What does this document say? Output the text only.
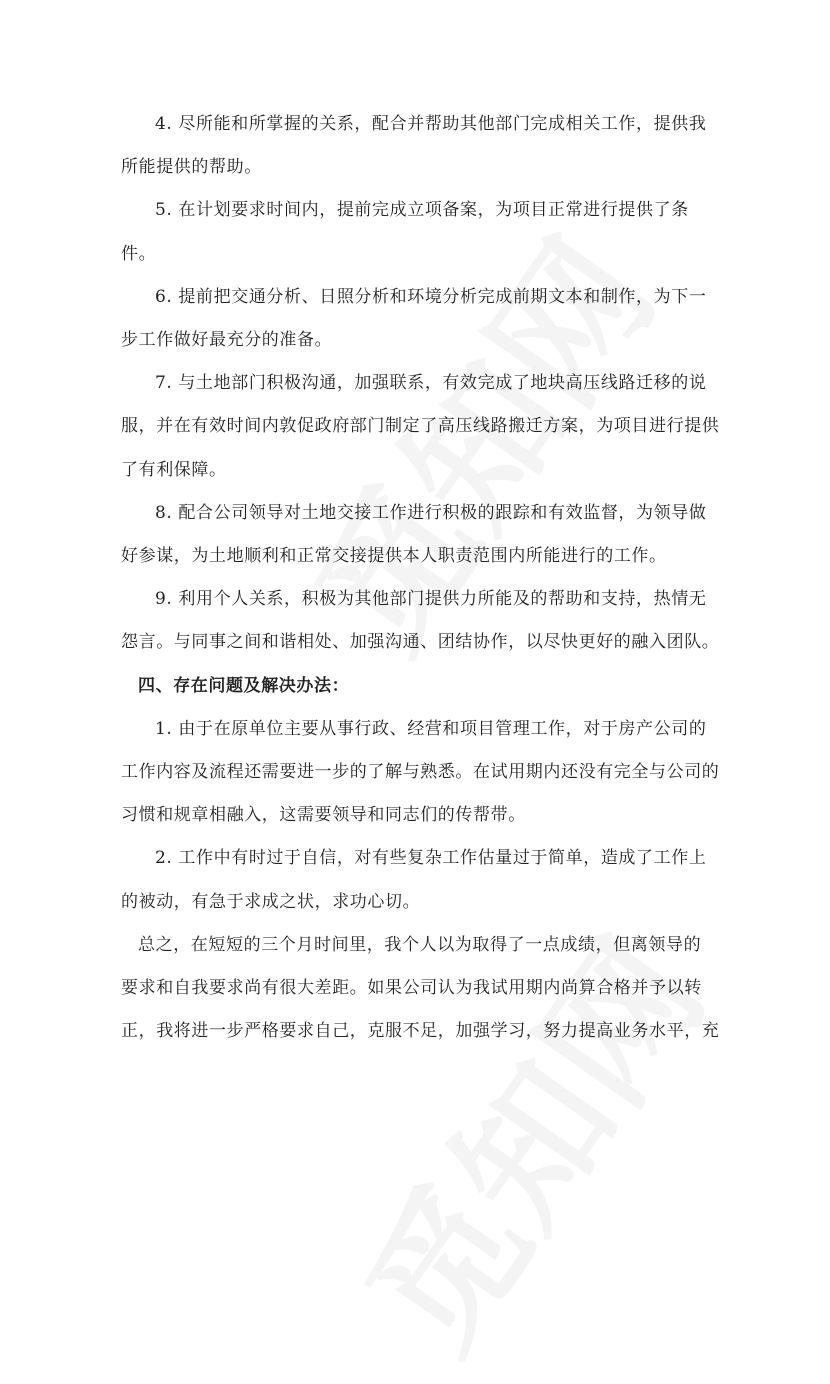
4. 尽所能和所掌握的关系，配合并帮助其他部门完成相关工作，提供我
所能提供的帮助。
5. 在计划要求时间内，提前完成立项备案，为项目正常进行提供了条
件。
6. 提前把交通分析、日照分析和环境分析完成前期文本和制作，为下一
步工作做好最充分的准备。
7. 与土地部门积极沟通，加强联系，有效完成了地块高压线路迁移的说
服，并在有效时间内敦促政府部门制定了高压线路搬迁方案，为项目进行提供
了有利保障。
8. 配合公司领导对土地交接工作进行积极的跟踪和有效监督，为领导做
好参谋，为土地顺利和正常交接提供本人职责范围内所能进行的工作。
9. 利用个人关系，积极为其他部门提供力所能及的帮助和支持，热情无
怨言。与同事之间和谐相处、加强沟通、团结协作，以尽快更好的融入团队。
四、存在问题及解决办法：
1. 由于在原单位主要从事行政、经营和项目管理工作，对于房产公司的
工作内容及流程还需要进一步的了解与熟悉。在试用期内还没有完全与公司的
习惯和规章相融入，这需要领导和同志们的传帮带。
2. 工作中有时过于自信，对有些复杂工作估量过于简单，造成了工作上
的被动，有急于求成之状，求功心切。
总之，在短短的三个月时间里，我个人以为取得了一点成绩，但离领导的
要求和自我要求尚有很大差距。如果公司认为我试用期内尚算合格并予以转
正，我将进一步严格要求自己，克服不足，加强学习，努力提高业务水平，充
